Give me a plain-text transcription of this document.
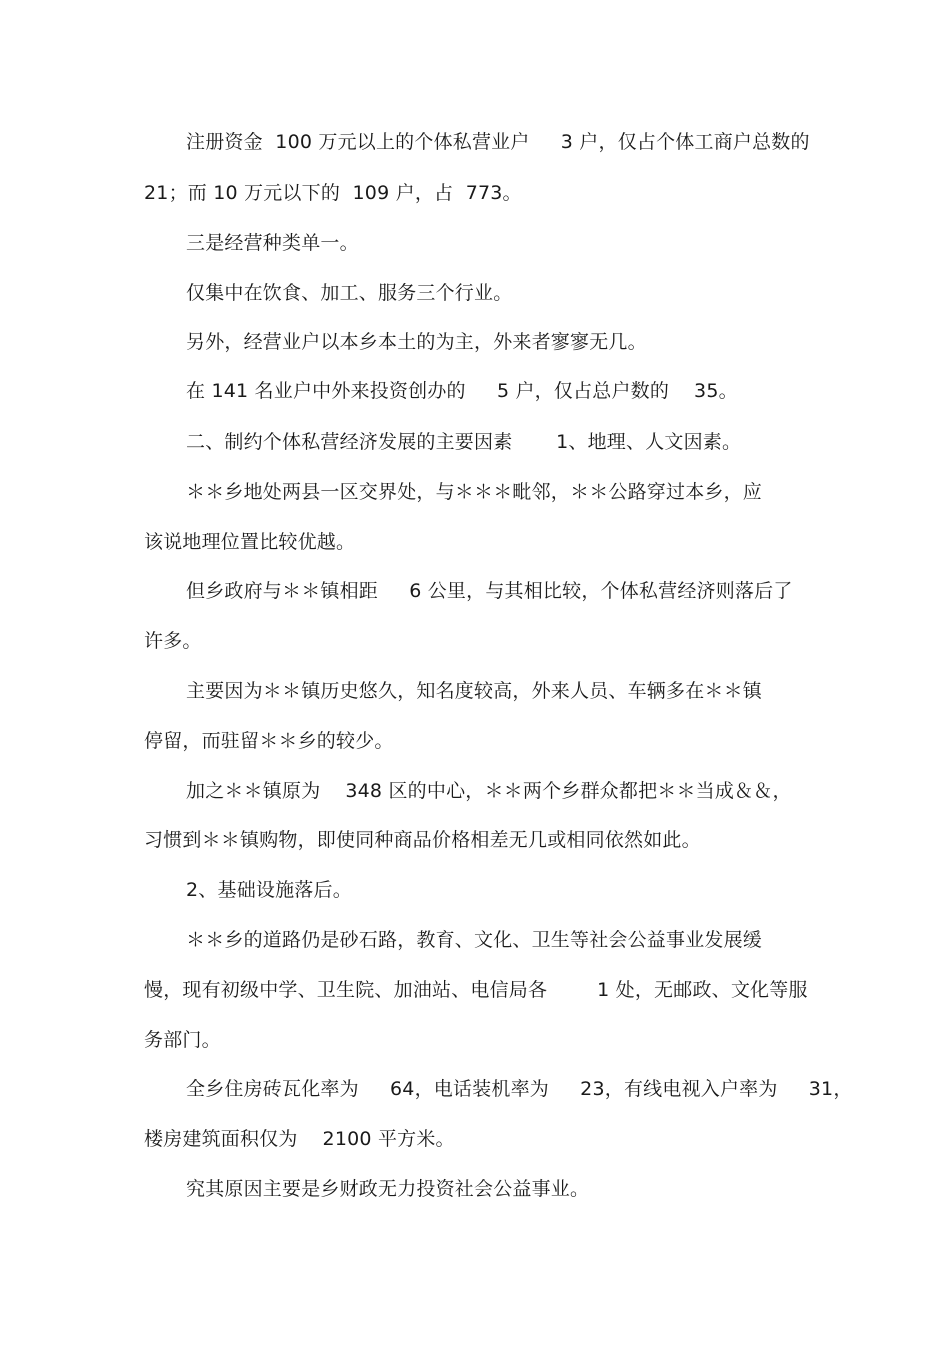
注册资金  100 万元以上的个体私营业户     3 户，仅占个体工商户总数的

21；而 10 万元以下的  109 户，占  773。

三是经营种类单一。

仅集中在饮食、加工、服务三个行业。

另外，经营业户以本乡本土的为主，外来者寥寥无几。

在 141 名业户中外来投资创办的     5 户，仅占总户数的    35。

二、制约个体私营经济发展的主要因素       1、地理、人文因素。

＊＊乡地处两县一区交界处，与＊＊＊毗邻，＊＊公路穿过本乡，应

该说地理位置比较优越。

但乡政府与＊＊镇相距     6 公里，与其相比较，个体私营经济则落后了

许多。

主要因为＊＊镇历史悠久，知名度较高，外来人员、车辆多在＊＊镇

停留，而驻留＊＊乡的较少。

加之＊＊镇原为    348 区的中心，＊＊两个乡群众都把＊＊当成＆＆，

习惯到＊＊镇购物，即使同种商品价格相差无几或相同依然如此。

2、基础设施落后。

＊＊乡的道路仍是砂石路，教育、文化、卫生等社会公益事业发展缓

慢，现有初级中学、卫生院、加油站、电信局各        1 处，无邮政、文化等服

务部门。

全乡住房砖瓦化率为     64，电话装机率为     23，有线电视入户率为     31，

楼房建筑面积仅为    2100 平方米。

究其原因主要是乡财政无力投资社会公益事业。
